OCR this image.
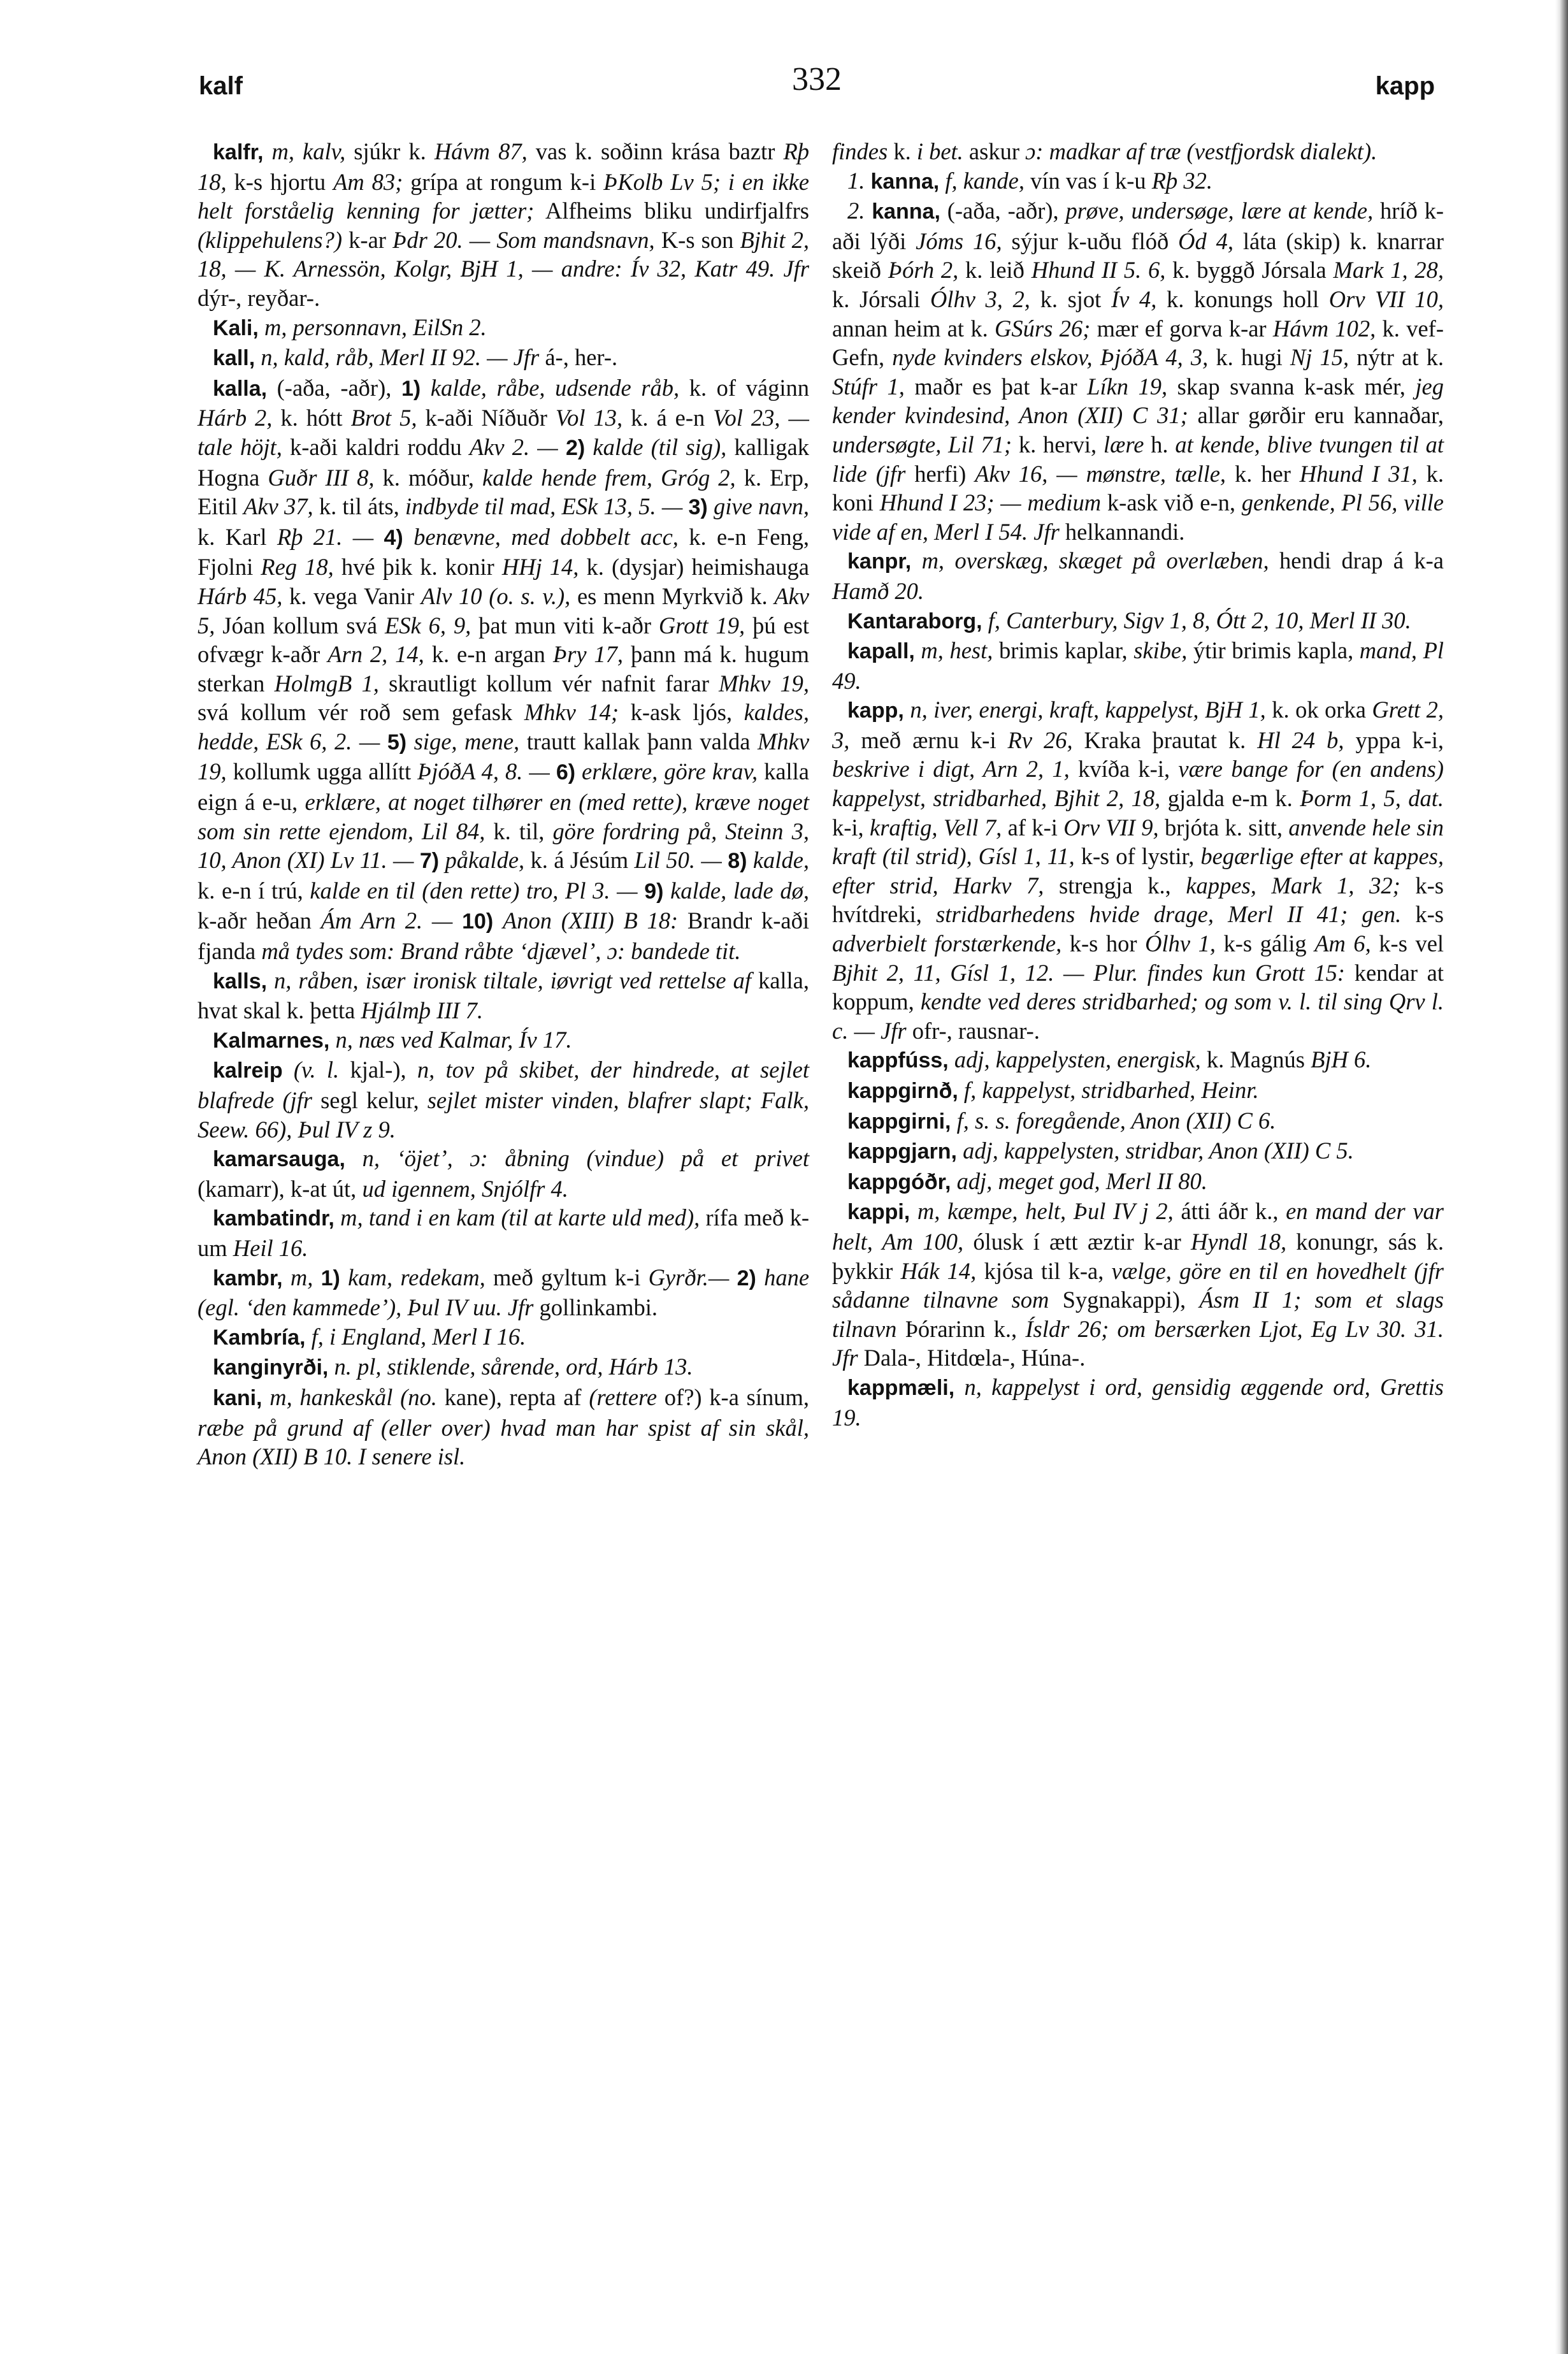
kalf	332	kapp

kalfr, m, kalv, sjúkr k. Hávm 87, vas k. soðinn krása baztr Rþ 18, k-s hjortu Am 83; grípa at rongum k-i ÞKolb Lv 5; i en ikke helt forståelig kenning for jætter; Alfheims bliku undirfjalfrs (klippehulens?) k-ar Þdr 20. — Som mandsnavn, K-s son Bjhit 2, 18, — K. Arnessön, Kolgr, BjH 1, — andre: Ív 32, Katr 49. Jfr dýr-, reyðar-.

Kali, m, personnavn, EilSn 2.

kall, n, kald, råb, Merl II 92. — Jfr á-, her-.

kalla, (-aða, -aðr), 1) kalde, råbe, udsende råb, k. of váginn Hárb 2, k. hótt Brot 5, k-aði Níðuðr Vol 13, k. á e-n Vol 23, — tale höjt, k-aði kaldri roddu Akv 2. — 2) kalde (til sig), kalligak Hogna Guðr III 8, k. móður, kalde hende frem, Gróg 2, k. Erp, Eitil Akv 37, k. til áts, indbyde til mad, ESk 13, 5. — 3) give navn, k. Karl Rþ 21. — 4) benævne, med dobbelt acc, k. e-n Feng, Fjolni Reg 18, hvé þik k. konir HHj 14, k. (dysjar) heimishauga Hárb 45, k. vega Vanir Alv 10 (o. s. v.), es menn Myrkvið k. Akv 5, Jóan kollum svá ESk 6, 9, þat mun viti k-aðr Grott 19, þú est ofvægr k-aðr Arn 2, 14, k. e-n argan Þry 17, þann má k. hugum sterkan HolmgB 1, skrautligt kollum vér nafnit farar Mhkv 19, svá kollum vér roð sem gefask Mhkv 14; k-ask ljós, kaldes, hedde, ESk 6, 2. — 5) sige, mene, trautt kallak þann valda Mhkv 19, kollumk ugga allítt ÞjóðA 4, 8. — 6) erklære, göre krav, kalla eign á e-u, erklære, at noget tilhører en (med rette), kræve noget som sin rette ejendom, Lil 84, k. til, göre fordring på, Steinn 3, 10, Anon (XI) Lv 11. — 7) påkalde, k. á Jésúm Lil 50. — 8) kalde, k. e-n í trú, kalde en til (den rette) tro, Pl 3. — 9) kalde, lade dø, k-aðr heðan Ám Arn 2. — 10) Anon (XIII) B 18: Brandr k-aði fjanda må tydes som: Brand råbte ‘djævel’, ɔ: bandede tit.

kalls, n, råben, især ironisk tiltale, iøvrigt ved rettelse af kalla, hvat skal k. þetta Hjálmþ III 7.

Kalmarnes, n, næs ved Kalmar, Ív 17.

kalreip (v. l. kjal-), n, tov på skibet, der hindrede, at sejlet blafrede (jfr segl kelur, sejlet mister vinden, blafrer slapt; Falk, Seew. 66), Þul IV z 9.

kamarsauga, n, ‘öjet’, ɔ: åbning (vindue) på et privet (kamarr), k-at út, ud igennem, Snjólfr 4.

kambatindr, m, tand i en kam (til at karte uld med), rífa með k-um Heil 16.

kambr, m, 1) kam, redekam, með gyltum k-i Gyrðr.— 2) hane (egl. ‘den kammede’), Þul IV uu. Jfr gollinkambi.

Kambría, f, i England, Merl I 16.

kanginyrði, n. pl, stiklende, sårende, ord, Hárb 13.

kani, m, hankeskål (no. kane), repta af (rettere of?) k-a sínum, ræbe på grund af (eller over) hvad man har spist af sin skål, Anon (XII) B 10. I senere isl.

findes k. i bet. askur ɔ: madkar af træ (vestfjordsk dialekt).

1. kanna, f, kande, vín vas í k-u Rþ 32.

2. kanna, (-aða, -aðr), prøve, undersøge, lære at kende, hríð k-aði lýði Jóms 16, sýjur k-uðu flóð Ód 4, láta (skip) k. knarrar skeið Þórh 2, k. leið Hhund II 5. 6, k. byggð Jórsala Mark 1, 28, k. Jórsali Ólhv 3, 2, k. sjot Ív 4, k. konungs holl Orv VII 10, annan heim at k. GSúrs 26; mær ef gorva k-ar Hávm 102, k. vef-Gefn, nyde kvinders elskov, ÞjóðA 4, 3, k. hugi Nj 15, nýtr at k. Stúfr 1, maðr es þat k-ar Líkn 19, skap svanna k-ask mér, jeg kender kvindesind, Anon (XII) C 31; allar gørðir eru kannaðar, undersøgte, Lil 71; k. hervi, lære h. at kende, blive tvungen til at lide (jfr herfi) Akv 16, — mønstre, tælle, k. her Hhund I 31, k. koni Hhund I 23; — medium k-ask við e-n, genkende, Pl 56, ville vide af en, Merl I 54. Jfr helkannandi.

kanpr, m, overskæg, skæget på overlæben, hendi drap á k-a Hamð 20.

Kantaraborg, f, Canterbury, Sigv 1, 8, Ótt 2, 10, Merl II 30.

kapall, m, hest, brimis kaplar, skibe, ýtir brimis kapla, mand, Pl 49.

kapp, n, iver, energi, kraft, kappelyst, BjH 1, k. ok orka Grett 2, 3, með ærnu k-i Rv 26, Kraka þrautat k. Hl 24 b, yppa k-i, beskrive i digt, Arn 2, 1, kvíða k-i, være bange for (en andens) kappelyst, stridbarhed, Bjhit 2, 18, gjalda e-m k. Þorm 1, 5, dat. k-i, kraftig, Vell 7, af k-i Orv VII 9, brjóta k. sitt, anvende hele sin kraft (til strid), Gísl 1, 11, k-s of lystir, begærlige efter at kappes, efter strid, Harkv 7, strengja k., kappes, Mark 1, 32; k-s hvítdreki, stridbarhedens hvide drage, Merl II 41; gen. k-s adverbielt forstærkende, k-s hor Ólhv 1, k-s gálig Am 6, k-s vel Bjhit 2, 11, Gísl 1, 12. — Plur. findes kun Grott 15: kendar at koppum, kendte ved deres stridbarhed; og som v. l. til sing Qrv l. c. — Jfr ofr-, rausnar-.

kappfúss, adj, kappelysten, energisk, k. Magnús BjH 6.

kappgirnð, f, kappelyst, stridbarhed, Heinr.

kappgirni, f, s. s. foregående, Anon (XII) C 6.

kappgjarn, adj, kappelysten, stridbar, Anon (XII) C 5.

kappgóðr, adj, meget god, Merl II 80.

kappi, m, kæmpe, helt, Þul IV j 2, átti áðr k., en mand der var helt, Am 100, ólusk í ætt æztir k-ar Hyndl 18, konungr, sás k. þykkir Hák 14, kjósa til k-a, vælge, göre en til en hovedhelt (jfr sådanne tilnavne som Sygnakappi), Ásm II 1; som et slags tilnavn Þórarinn k., Ísldr 26; om bersærken Ljot, Eg Lv 30. 31. Jfr Dala-, Hitdœla-, Húna-.

kappmæli, n, kappelyst i ord, gensidig æggende ord, Grettis 19.
